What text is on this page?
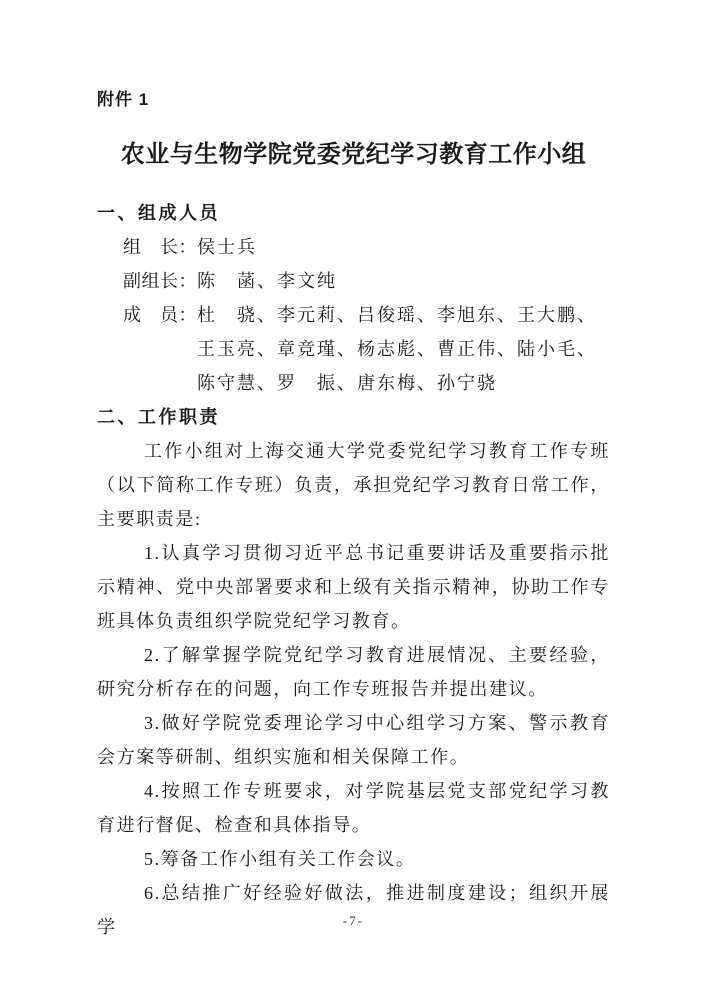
附件 1
农业与生物学院党委党纪学习教育工作小组
一、组成人员
组　长： 侯士兵
副组长： 陈　菡、李文纯
成　员： 杜　骁、李元莉、吕俊瑶、李旭东、王大鹏、
王玉亮、章竞瑾、杨志彪、曹正伟、陆小毛、
陈守慧、罗　振、唐东梅、孙宁骁
二、工作职责

工作小组对上海交通大学党委党纪学习教育工作专班（以下简称工作专班）负责，承担党纪学习教育日常工作，主要职责是:

1.认真学习贯彻习近平总书记重要讲话及重要指示批示精神、党中央部署要求和上级有关指示精神，协助工作专班具体负责组织学院党纪学习教育。

2.了解掌握学院党纪学习教育进展情况、主要经验，研究分析存在的问题，向工作专班报告并提出建议。

3.做好学院党委理论学习中心组学习方案、警示教育会方案等研制、组织实施和相关保障工作。

4.按照工作专班要求，对学院基层党支部党纪学习教育进行督促、检查和具体指导。

5.筹备工作小组有关工作会议。

6.总结推广好经验好做法，推进制度建设；组织开展学	-7-
